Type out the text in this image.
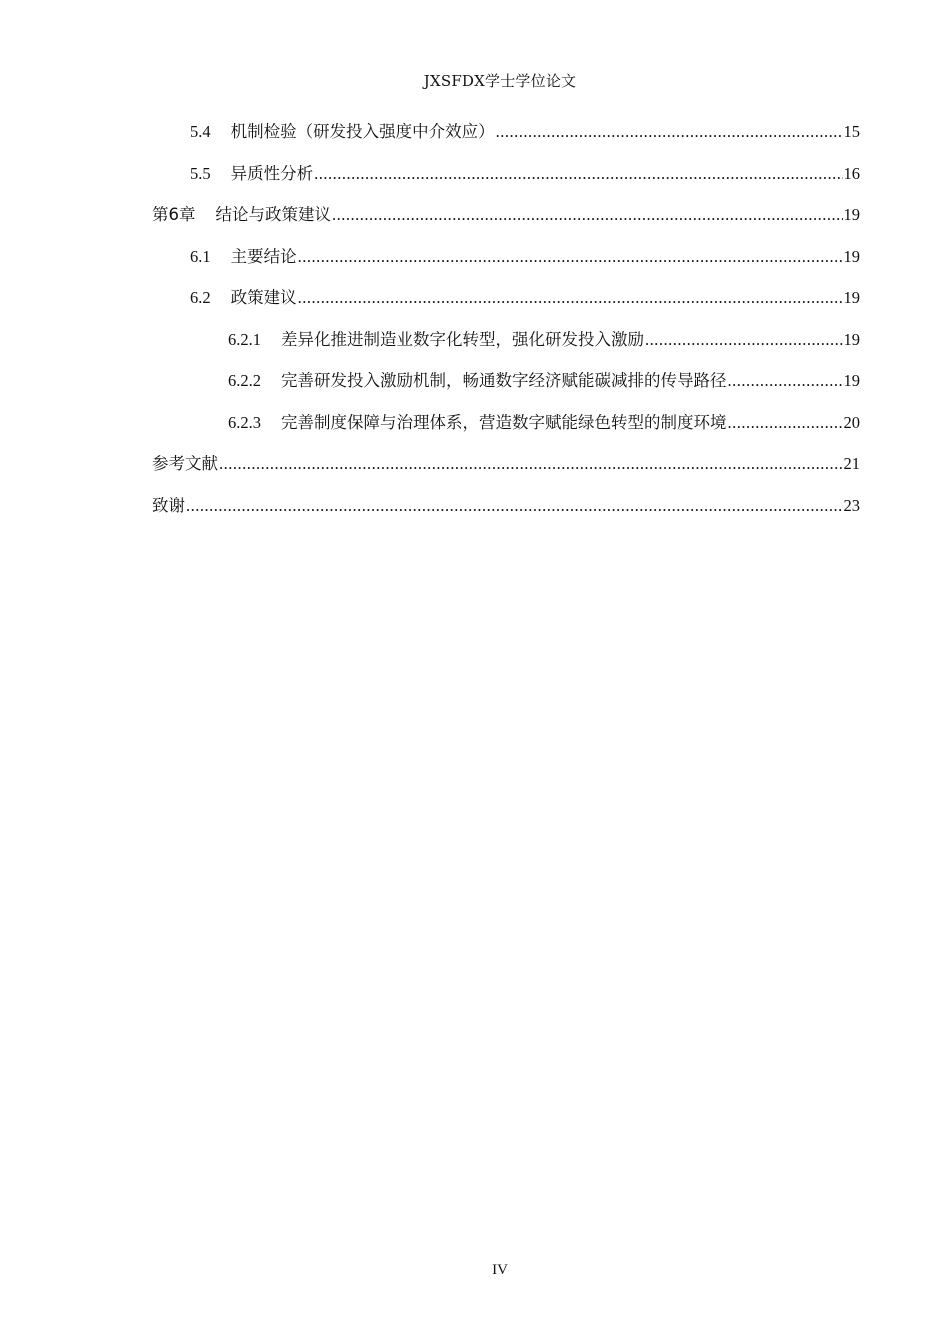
JXSFDX学士学位论文
5.4 机制检验（研发投入强度中介效应） .....	15
5.5 异质性分析 .....	16
第6章 结论与政策建议 .....	19
6.1 主要结论 .....	19
6.2 政策建议 .....	19
6.2.1 差异化推进制造业数字化转型，强化研发投入激励 .....	19
6.2.2 完善研发投入激励机制，畅通数字经济赋能碳减排的传导路径 .....	19
6.2.3 完善制度保障与治理体系，营造数字赋能绿色转型的制度环境 .....	20
参考文献 .....	21
致谢 .....	23
IV
